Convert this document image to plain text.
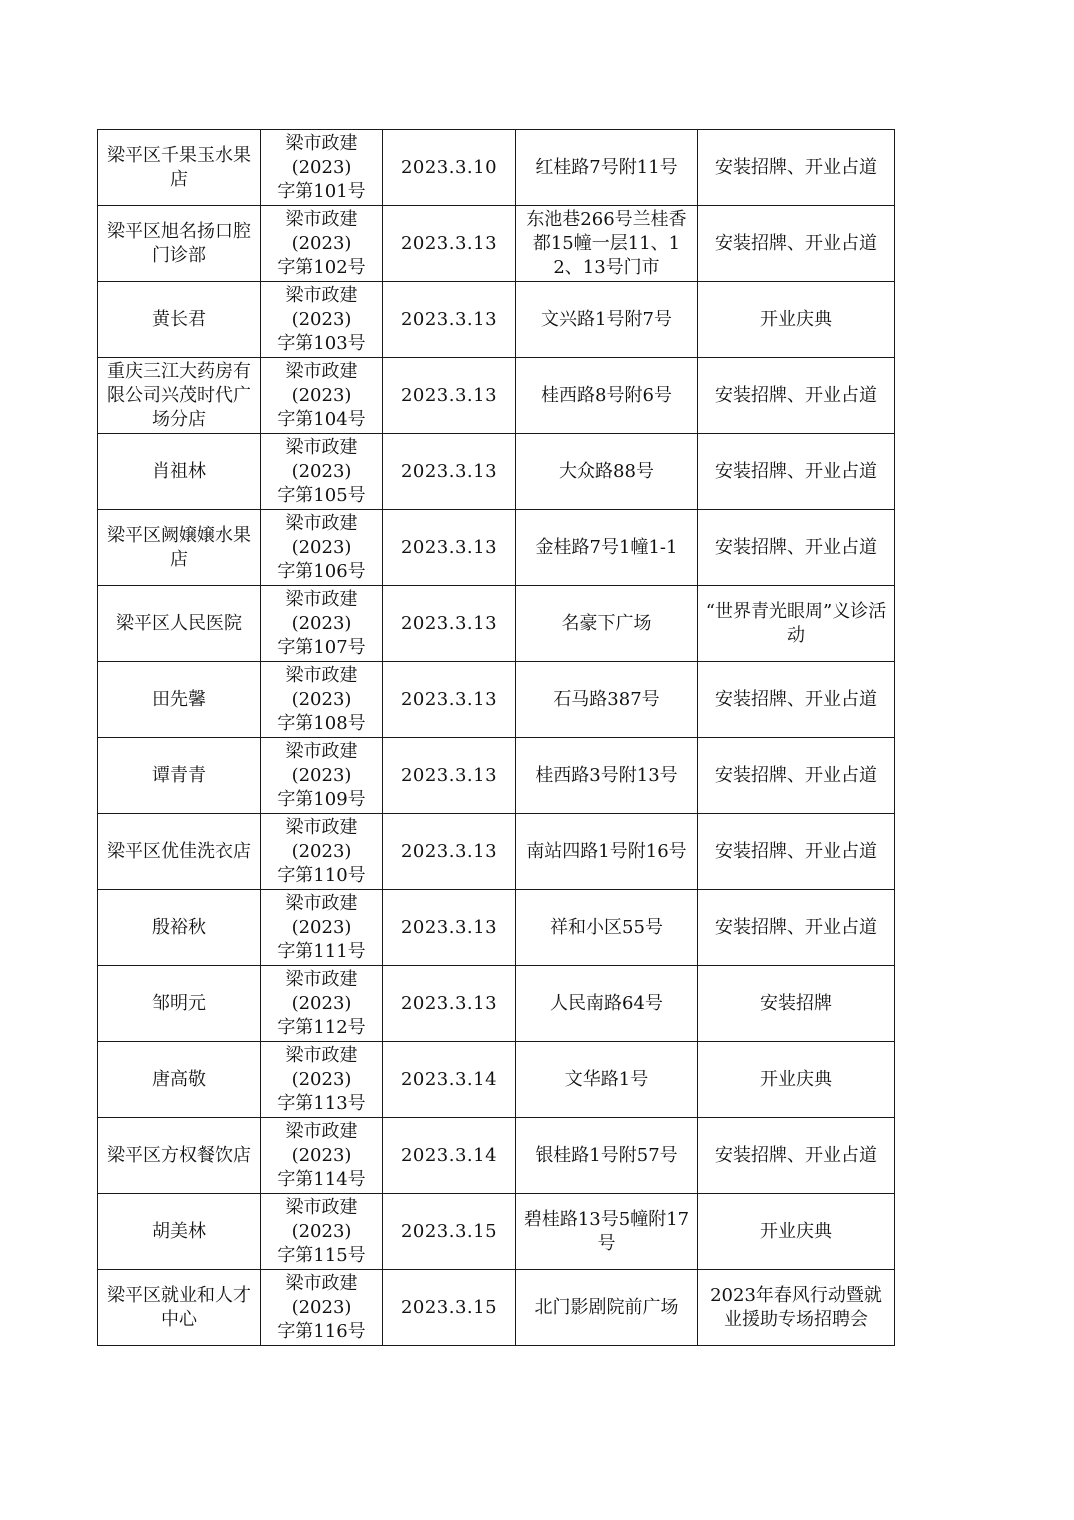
梁平区千果玉水果店	梁市政建
(2023)
字第101号	2023.3.10	红桂路7号附11号	安装招牌、开业占道
梁平区旭名扬口腔门诊部	梁市政建
(2023)
字第102号	2023.3.13	东池巷266号兰桂香都15幢一层11、12、13号门市	安装招牌、开业占道
黄长君	梁市政建
(2023)
字第103号	2023.3.13	文兴路1号附7号	开业庆典
重庆三江大药房有限公司兴茂时代广场分店	梁市政建
(2023)
字第104号	2023.3.13	桂西路8号附6号	安装招牌、开业占道
肖祖林	梁市政建
(2023)
字第105号	2023.3.13	大众路88号	安装招牌、开业占道
梁平区阙嬢嬢水果店	梁市政建
(2023)
字第106号	2023.3.13	金桂路7号1幢1-1	安装招牌、开业占道
梁平区人民医院	梁市政建
(2023)
字第107号	2023.3.13	名豪下广场	“世界青光眼周”义诊活动
田先馨	梁市政建
(2023)
字第108号	2023.3.13	石马路387号	安装招牌、开业占道
谭青青	梁市政建
(2023)
字第109号	2023.3.13	桂西路3号附13号	安装招牌、开业占道
梁平区优佳洗衣店	梁市政建
(2023)
字第110号	2023.3.13	南站四路1号附16号	安装招牌、开业占道
殷裕秋	梁市政建
(2023)
字第111号	2023.3.13	祥和小区55号	安装招牌、开业占道
邹明元	梁市政建
(2023)
字第112号	2023.3.13	人民南路64号	安装招牌
唐高敬	梁市政建
(2023)
字第113号	2023.3.14	文华路1号	开业庆典
梁平区方权餐饮店	梁市政建
(2023)
字第114号	2023.3.14	银桂路1号附57号	安装招牌、开业占道
胡美林	梁市政建
(2023)
字第115号	2023.3.15	碧桂路13号5幢附17号	开业庆典
梁平区就业和人才中心	梁市政建
(2023)
字第116号	2023.3.15	北门影剧院前广场	2023年春风行动暨就业援助专场招聘会
